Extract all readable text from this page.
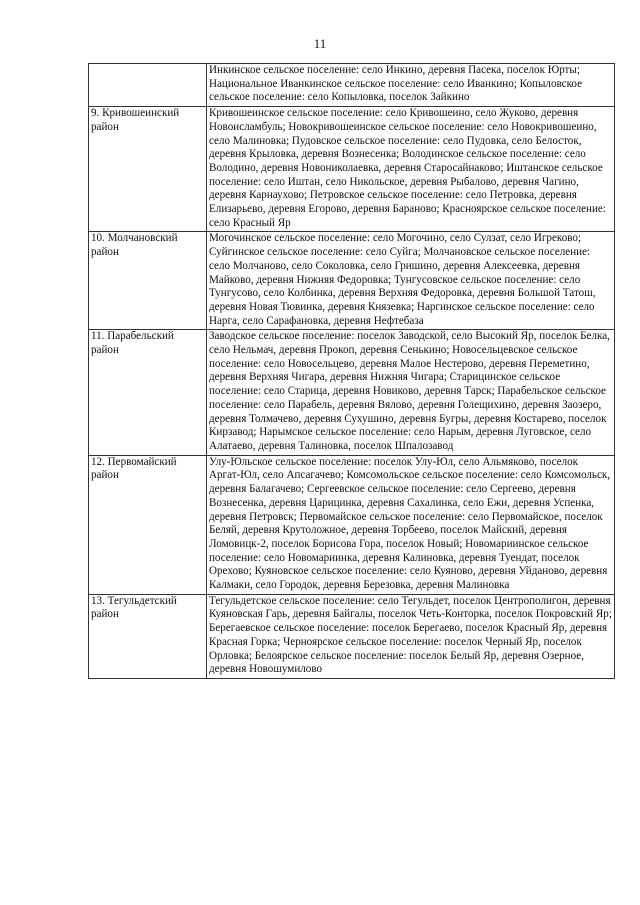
11
	Инкинское сельское поселение: село Инкино, деревня Пасека, поселок Юрты; Национальное Иванкинское сельское поселение: село Иванкино; Копыловское сельское поселение: село Копыловка, поселок Зайкино
9. Кривошеинский район	Кривошеинское сельское поселение: село Кривошеино, село Жуково, деревня Новоисламбуль; Новокривошеинское сельское поселение: село Новокривошеино, село Малиновка; Пудовское сельское поселение: село Пудовка, село Белосток, деревня Крыловка, деревня Вознесенка; Володинское сельское поселение: село Володино, деревня Новониколаевка, деревня Старосайнаково; Иштанское сельское поселение: село Иштан, село Никольское, деревня Рыбалово, деревня Чагино, деревня Карнаухово; Петровское сельское поселение: село Петровка, деревня Елизарьево, деревня Егорово, деревня Бараново; Красноярское сельское поселение: село Красный Яр
10. Молчановский район	Могочинское сельское поселение: село Могочино, село Сулзат, село Игреково; Суйгинское сельское поселение: село Суйга; Молчановское сельское поселение: село Молчаново, село Соколовка, село Гришино, деревня Алексеевка, деревня Майково, деревня Нижняя Федоровка; Тунгусовское сельское поселение: село Тунгусово, село Колбинка, деревня Верхняя Федоровка, деревня Большой Татош, деревня Новая Тювинка, деревня Князевка; Наргинское сельское поселение: село Нарга, село Сарафановка, деревня Нефтебаза
11. Парабельский район	Заводское сельское поселение: поселок Заводской, село Высокий Яр, поселок Белка, село Нельмач, деревня Прокоп, деревня Сенькино; Новосельцевское сельское поселение: село Новосельцево, деревня Малое Нестерово, деревня Переметино, деревня Верхняя Чигара, деревня Нижняя Чигара; Старицинское сельское поселение: село Старица, деревня Новиково, деревня Тарск; Парабельское сельское поселение: село Парабель, деревня Вялово, деревня Голещихино, деревня Заозеро, деревня Толмачево, деревня Сухушино, деревня Бугры, деревня Костарево, поселок Кирзавод; Нарымское сельское поселение: село Нарым, деревня Луговское, село Алатаево, деревня Талиновка, поселок Шпалозавод
12. Первомайский район	Улу-Юльское сельское поселение: поселок Улу-Юл, село Альмяково, поселок Аргат-Юл, село Апсагачево; Комсомольское сельское поселение: село Комсомольск, деревня Балагачево; Сергеевское сельское поселение: село Сергеево, деревня Вознесенка, деревня Царицинка, деревня Сахалинка, село Ежи, деревня Успенка, деревня Петровск; Первомайское сельское поселение: село Первомайское, поселок Беляй, деревня Крутоложное, деревня Торбеево, поселок Майский, деревня Ломовицк-2, поселок Борисова Гора, поселок Новый; Новомариинское сельское поселение: село Новомариинка, деревня Калиновка, деревня Туендат, поселок Орехово; Куяновское сельское поселение: село Куяново, деревня Уйданово, деревня Калмаки, село Городок, деревня Березовка, деревня Малиновка
13. Тегульдетский район	Тегульдетское сельское поселение: село Тегульдет, поселок Центрополигон, деревня Куяновская Гарь, деревня Байгалы, поселок Четь-Конторка, поселок Покровский Яр; Берегаевское сельское поселение: поселок Берегаево, поселок Красный Яр, деревня Красная Горка; Черноярское сельское поселение: поселок Черный Яр, поселок Орловка; Белоярское сельское поселение: поселок Белый Яр, деревня Озерное, деревня Новошумилово
